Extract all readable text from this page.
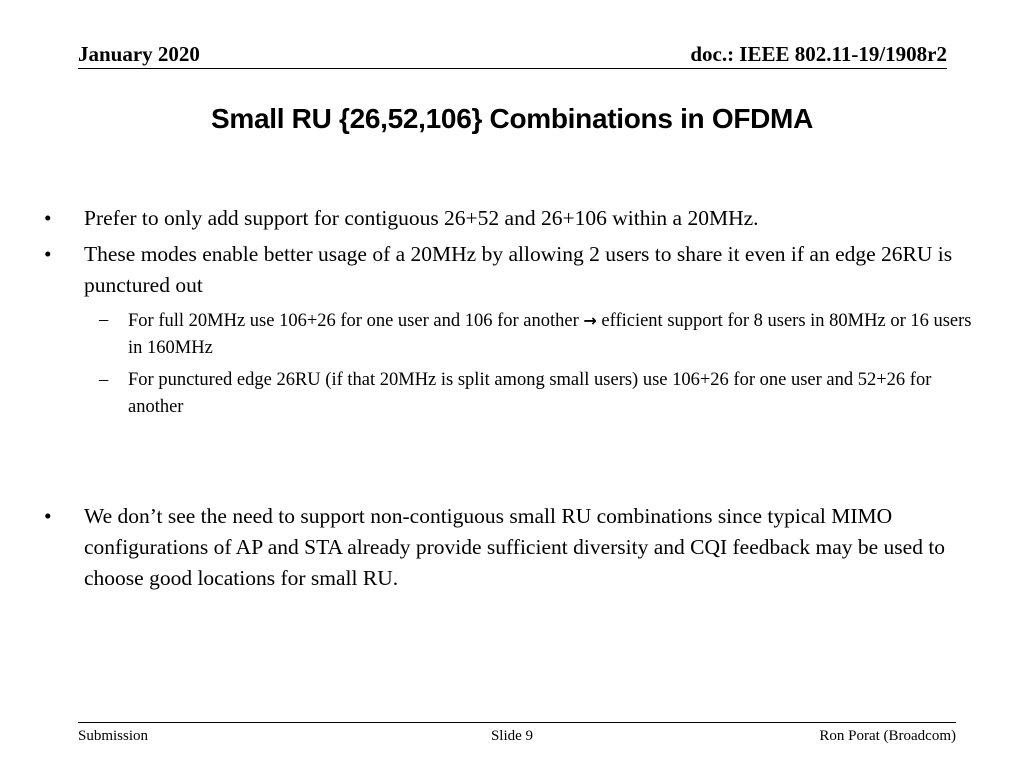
January 2020	doc.: IEEE 802.11-19/1908r2
Small RU {26,52,106} Combinations in OFDMA
• Prefer to only add support for contiguous 26+52 and 26+106 within a 20MHz.
• These modes enable better usage of a 20MHz by allowing 2 users to share it even if an edge 26RU is punctured out
– For full 20MHz use 106+26 for one user and 106 for another → efficient support for 8 users in 80MHz or 16 users in 160MHz
– For punctured edge 26RU (if that 20MHz is split among small users) use 106+26 for one user and 52+26 for another
• We don’t see the need to support non-contiguous small RU combinations since typical MIMO configurations of AP and STA already provide sufficient diversity and CQI feedback may be used to choose good locations for small RU.
Submission	Slide 9	Ron Porat (Broadcom)
